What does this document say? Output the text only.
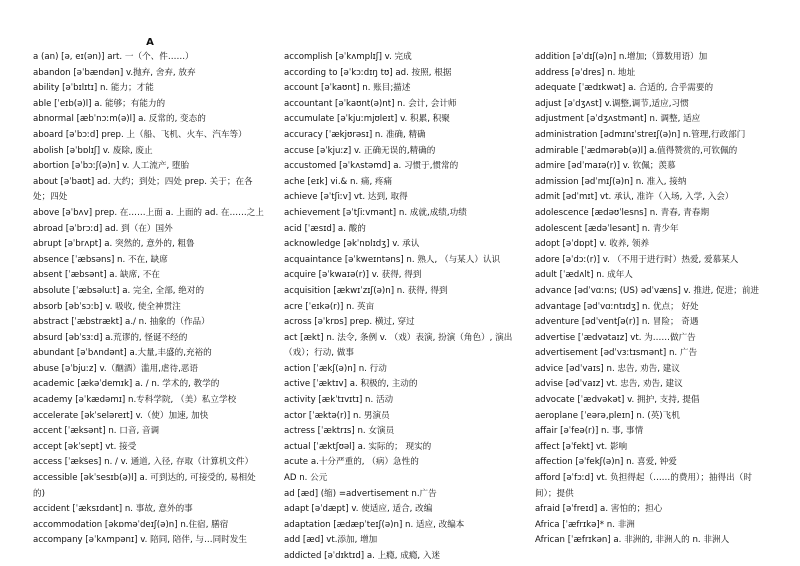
A
a (an) [ə, eɪ(ən)] art. 一（个、件……）
abandon [əˈbændən] v.抛弃, 舍弃, 放弃
ability [əˈbɪlɪtɪ] n. 能力；才能
able [ˈeɪb(ə)l] a. 能够；有能力的
abnormal [æbˈnɔːm(ə)l] a. 反常的, 变态的
aboard [əˈbɔːd] prep. 上（船、飞机、火车、汽车等）
abolish [əˈbɒlɪʃ] v. 废除, 废止
abortion [əˈbɔːʃ(ə)n] v. 人工流产, 堕胎
about [əˈbaʊt] ad. 大约；到处；四处 prep. 关于；在各
处；四处
above [əˈbʌv] prep. 在……上面 a. 上面的 ad. 在……之上
abroad [əˈbrɔːd] ad. 到（在）国外
abrupt [əˈbrʌpt] a. 突然的, 意外的, 粗鲁
absence [ˈæbsəns] n. 不在, 缺席
absent [ˈæbsənt] a. 缺席, 不在
absolute [ˈæbsəluːt] a. 完全, 全部, 绝对的
absorb [əbˈsɔːb] v. 吸收, 使全神贯注
abstract [ˈæbstrækt] a./ n. 抽象的（作品）
absurd [əbˈsɜːd] a.荒谬的, 怪诞不经的
abundant [əˈbʌndənt] a.大量,丰盛的,充裕的
abuse [əˈbjuːz] v.（酗酒）滥用,虐待,恶语
academic [ækəˈdemɪk] a. / n. 学术的, 教学的
academy [əˈkædəmɪ] n.专科学院, （美）私立学校
accelerate [əkˈseləreɪt] v.（使）加速, 加快
accent [ˈæksənt] n. 口音, 音调
accept [əkˈsept] vt. 接受
access [ˈækses] n. / v. 通道, 入径, 存取（计算机文件）
accessible [əkˈsesɪb(ə)l] a. 可到达的, 可接受的, 易相处
的)
accident [ˈæksɪdənt] n. 事故, 意外的事
accommodation [əkɒməˈdeɪʃ(ə)n] n.住宿, 膳宿
accompany [əˈkʌmpənɪ] v. 陪同, 陪伴, 与…同时发生
accomplish [əˈkʌmplɪʃ] v. 完成
according to [əˈkɔːdɪŋ tʊ] ad. 按照, 根据
account [əˈkaʊnt] n. 账目;描述
accountant [əˈkaʊnt(ə)nt] n. 会计, 会计师
accumulate [əˈkjuːmjʊleɪt] v. 积累, 积聚
accuracy [ˈækjʊrəsɪ] n. 准确, 精确
accuse [əˈkjuːz] v. 正确无误的,精确的
accustomed [əˈkʌstəmd] a. 习惯于,惯常的
ache [eɪk] vi.& n. 痛, 疼痛
achieve [əˈtʃiːv] vt. 达到, 取得
achievement [əˈtʃiːvmənt] n. 成就,成绩,功绩
acid [ˈæsɪd] a. 酸的
acknowledge [əkˈnɒlɪdʒ] v. 承认
acquaintance [əˈkweɪntəns] n. 熟人, （与某人）认识
acquire [əˈkwaɪə(r)] v. 获得, 得到
acquisition [ækwɪˈzɪʃ(ə)n] n. 获得, 得到
acre [ˈeɪkə(r)] n. 英亩
across [əˈkrɒs] prep. 横过, 穿过
act [ækt] n. 法令, 条例 v. （戏）表演, 扮演（角色）, 演出
（戏）；行动, 做事
action [ˈækʃ(ə)n] n. 行动
active [ˈæktɪv] a. 积极的, 主动的
activity [ækˈtɪvɪtɪ] n. 活动
actor [ˈæktə(r)] n. 男演员
actress [ˈæktrɪs] n. 女演员
actual [ˈæktʃʊəl] a. 实际的； 现实的
acute a.十分严重的, （病）急性的
AD n. 公元
ad [æd] (缩) =advertisement n.广告
adapt [əˈdæpt] v. 使适应, 适合, 改编
adaptation [ædæpˈteɪʃ(ə)n] n. 适应, 改编本
add [æd] vt.添加, 增加
addicted [əˈdɪktɪd] a. 上瘾, 成瘾, 入迷
addition [əˈdɪʃ(ə)n] n.增加;（算数用语）加
address [əˈdres] n. 地址
adequate [ˈædɪkwət] a. 合适的, 合乎需要的
adjust [əˈdʒʌst] v.调整,调节,适应,习惯
adjustment [əˈdʒʌstmənt] n. 调整, 适应
administration [ədmɪnɪˈstreɪʃ(ə)n] n.管理,行政部门
admirable [ˈædmərəb(ə)l] a.值得赞赏的,可钦佩的
admire [ədˈmaɪə(r)] v. 钦佩；羡慕
admission [ədˈmɪʃ(ə)n] n. 准入, 接纳
admit [ədˈmɪt] vt. 承认, 准许（入场, 入学, 入会）
adolescence [ædəʊˈlesns] n. 青春, 青春期
adolescent [ædəˈlesənt] n. 青少年
adopt [əˈdɒpt] v. 收养, 领养
adore [əˈdɔː(r)] v. （不用于进行时）热爱, 爱慕某人
adult [ˈædʌlt] n. 成年人
advance [ədˈvɑːns; (US) ədˈvæns] v. 推进, 促进；前进
advantage [ədˈvɑːntɪdʒ] n. 优点； 好处
adventure [ədˈventʃə(r)] n. 冒险； 奇遇
advertise [ˈædvətaɪz] vt. 为……做广告
advertisement [ədˈvɜːtɪsmənt] n. 广告
advice [ədˈvaɪs] n. 忠告, 劝告, 建议
advise [ədˈvaɪz] vt. 忠告, 劝告, 建议
advocate [ˈædvəkət] v. 拥护, 支持, 提倡
aeroplane [ˈeərə,pleɪn] n. (英)飞机
affair [əˈfeə(r)] n. 事, 事情
affect [əˈfekt] vt. 影响
affection [əˈfekʃ(ə)n] n. 喜爱, 钟爱
afford [əˈfɔːd] vt. 负担得起（……的费用）；抽得出（时
间）；提供
afraid [əˈfreɪd] a. 害怕的；担心
Africa [ˈæfrɪkə]* n. 非洲
African [ˈæfrɪkən] a. 非洲的, 非洲人的 n. 非洲人
